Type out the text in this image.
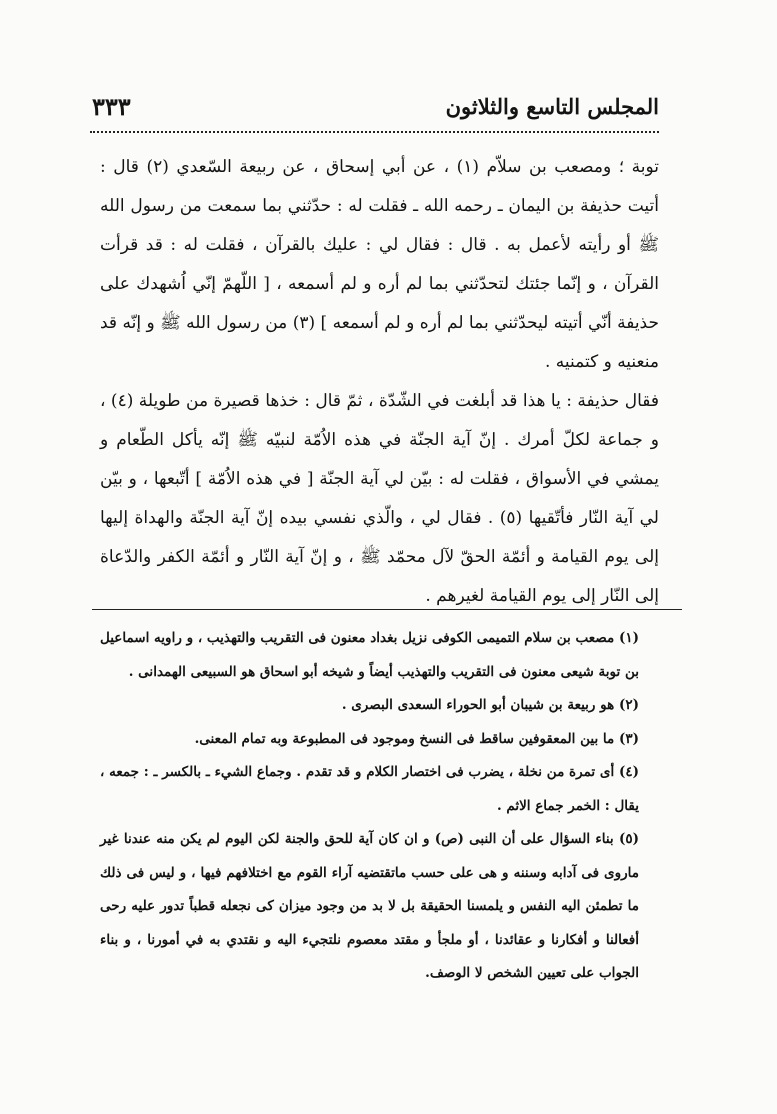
المجلس التاسع والثلاثون
٣٣٣

توبة ؛ ومصعب بن سلاّم (١) ، عن أبي إسحاق ، عن ربيعة السّعدي (٢) قال : أتيت حذيفة بن اليمان ـ رحمه الله ـ فقلت له : حدّثني بما سمعت من رسول الله ﷺ أو رأيته لأعمل به . قال : فقال لي : عليك بالقرآن ، فقلت له : قد قرأت القرآن ، و إنّما جئتك لتحدّثني بما لم أره و لم أسمعه ، [ اللّهمّ إنّي اُشهدك على حذيفة أنّي أتيته ليحدّثني بما لم أره و لم أسمعه ] (٣) من رسول الله ﷺ و إنّه قد منعنيه و كتمنيه .

فقال حذيفة : يا هذا قد أبلغت في الشّدّة ، ثمّ قال : خذها قصيرة من طويلة (٤) ، و جماعة لكلّ أمرك . إنّ آية الجنّة في هذه الاُمّة لنبيّه ﷺ إنّه يأكل الطّعام و يمشي في الأسواق ، فقلت له : بيّن لي آية الجنّة [ في هذه الاُمّة ] أتّبعها ، و بيّن لي آية النّار فأتّقيها (٥) . فقال لي ، والّذي نفسي بيده إنّ آية الجنّة والهداة إليها إلى يوم القيامة و أئمّة الحقّ لآل محمّد ﷺ ، و إنّ آية النّار و أئمّة الكفر والدّعاة إلى النّار إلى يوم القيامة لغيرهم .

(١) مصعب بن سلام التميمى الكوفى نزيل بغداد معنون فى التقريب والتهذيب ، و راويه اسماعيل بن توبة شيعى معنون فى التقريب والتهذيب أيضاً و شيخه أبو اسحاق هو السبيعى الهمدانى .

(٢) هو ربيعة بن شيبان أبو الحوراء السعدى البصرى .

(٣) ما بين المعقوفين ساقط فى النسخ وموجود فى المطبوعة وبه تمام المعنى.

(٤) أى تمرة من نخلة ، يضرب فى اختصار الكلام و قد تقدم . وجماع الشيء ـ بالكسر ـ : جمعه ، يقال : الخمر جماع الاثم .

(٥) بناء السؤال على أن النبى (ص) و ان كان آية للحق والجنة لكن اليوم لم يكن منه عندنا غير ماروى فى آدابه وسننه و هى على حسب ماتقتضيه آراء القوم مع اختلافهم فيها ، و ليس فى ذلك ما تطمئن اليه النفس و يلمسنا الحقيقة بل لا بد من وجود ميزان كى نجعله قطباً تدور عليه رحى أفعالنا و أفكارنا و عقائدنا ، أو ملجأ و مقتد معصوم نلتجيء اليه و نقتدي به في أمورنا ، و بناء الجواب على تعيين الشخص لا الوصف.
